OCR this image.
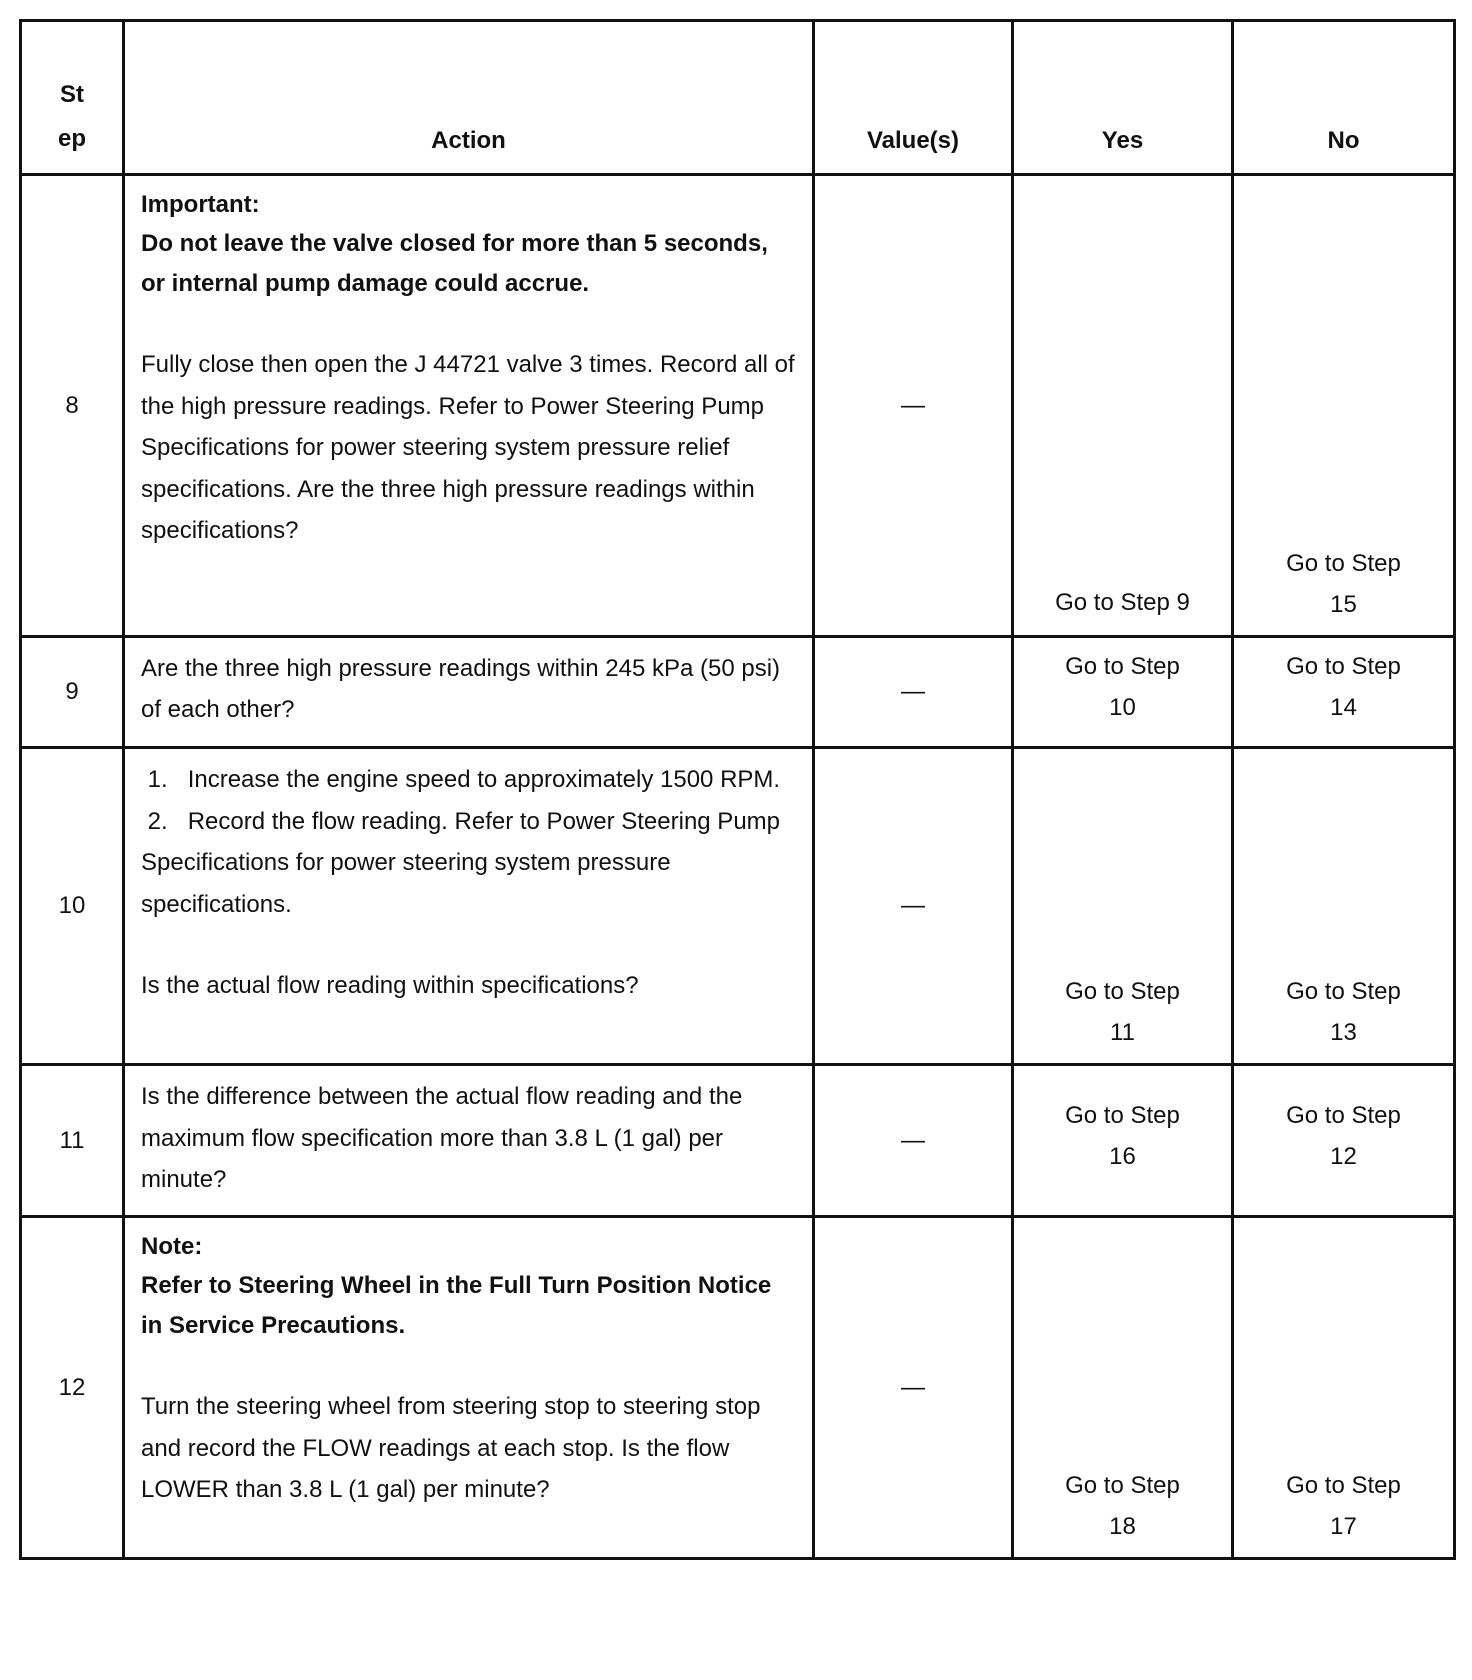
St
ep	Action	Value(s)	Yes	No
8	Important:
Do not leave the valve closed for more than 5 seconds, or internal pump damage could accrue.
Fully close then open the J 44721 valve 3 times. Record all of the high pressure readings. Refer to Power Steering Pump Specifications for power steering system pressure relief specifications. Are the three high pressure readings within specifications?	—	Go to Step 9	Go to Step 15

9	Are the three high pressure readings within 245 kPa (50 psi) of each other?	—	Go to Step 10	Go to Step 14

10	1. Increase the engine speed to approximately 1500 RPM.
2. Record the flow reading. Refer to Power Steering Pump Specifications for power steering system pressure specifications.
Is the actual flow reading within specifications?	—	Go to Step 11	Go to Step 13

11	Is the difference between the actual flow reading and the maximum flow specification more than 3.8 L (1 gal) per minute?	—	Go to Step 16	Go to Step 12

12	Note:
Refer to Steering Wheel in the Full Turn Position Notice in Service Precautions.
Turn the steering wheel from steering stop to steering stop and record the FLOW readings at each stop. Is the flow LOWER than 3.8 L (1 gal) per minute?	—	Go to Step 18	Go to Step 17
